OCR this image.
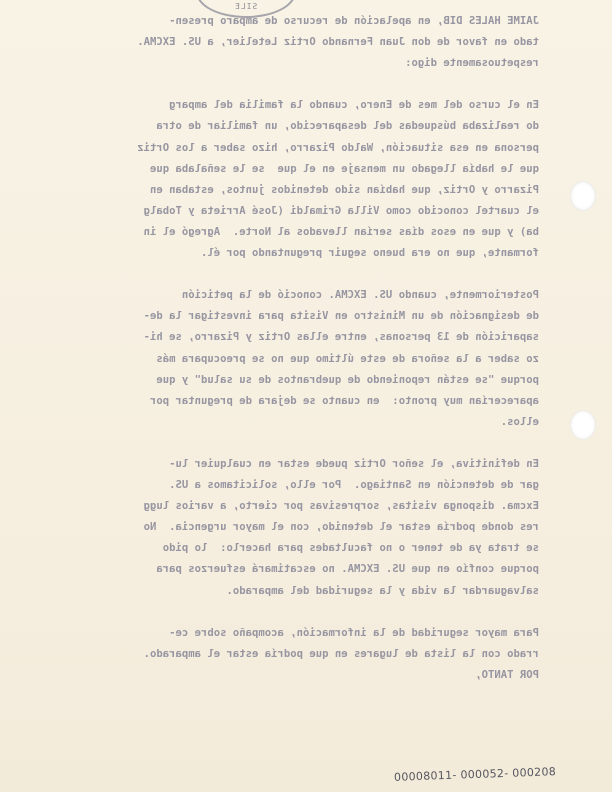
SILE
JAIME HALES DIB, en apelación de recurso de amparo presen-
tado en favor de don Juan Fernando Ortiz Letelier, a US. EXCMA.
respetuosamente digo:
En el curso del mes de Enero, cuando la familia del amparg
do realizaba búsquedas del desaparecido, un familiar de otra
persona en esa situación, Waldo Pizarro, hizo saber a los Ortiz
que le había llegado un mensaje en el que  se le señalaba que
Pizarro y Ortiz, que habían sido detenidos juntos, estaban en
el cuartel conocido como Villa Grimaldi (José Arrieta y Tobalg
ba) y que en esos días serían llevados al Norte.  Agregó el in
formante, que no era bueno seguir preguntando por él.
Posteriormente, cuando US. EXCMA. conoció de la petición
de designación de un Ministro en Visita para investigar la de-
saparición de 13 personas, entre ellas Ortiz y Pizarro, se hi-
zo saber a la señora de este último que no se preocupara más
porque "se están reponiendo de quebrantos de su salud" y que
aparecerían muy pronto:  en cuanto se dejara de preguntar por
ellos.
En definitiva, el señor Ortiz puede estar en cualquier lu-
gar de detención en Santiago.  Por ello, solicitamos a US.
Excma. disponga visitas, sorpresivas por cierto, a varios lugg
res donde podría estar el detenido, con el mayor urgencia.  No
se trata ya de tener o no facultades para hacerlo:  lo pido
porque confío en que US. EXCMA. no escatimará esfuerzos para
salvaguardar la vida y la seguridad del amparado.
Para mayor seguridad de la información, acompaño sobre ce-
rrado con la lista de lugares en que podría estar el amparado.
POR TANTO,
00008011- 000052- 000208
